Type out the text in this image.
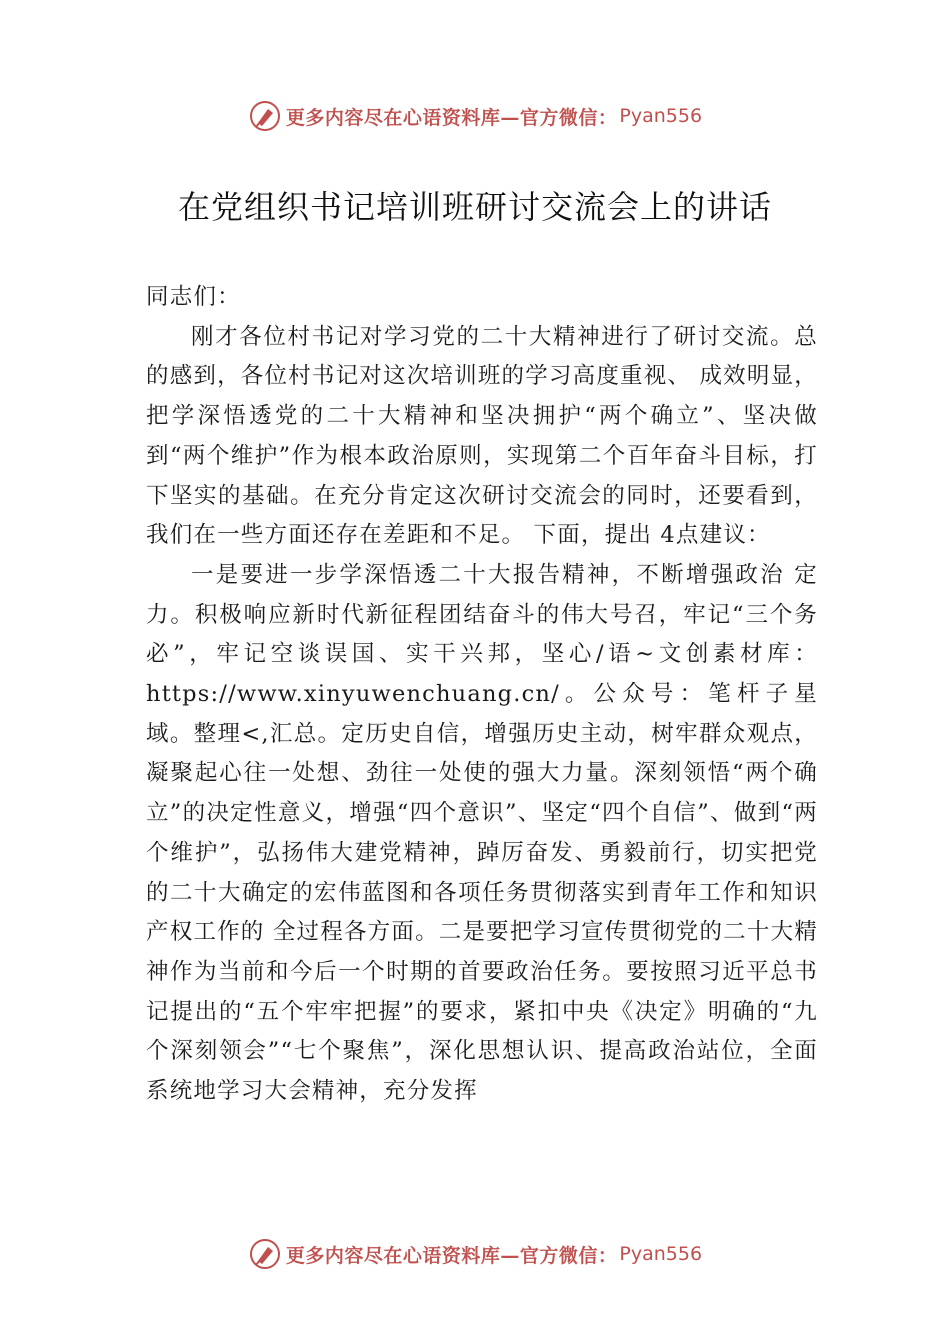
更多内容尽在心语资料库—官方微信： Pyan556
在党组织书记培训班研讨交流会上的讲话

同志们：

刚才各位村书记对学习党的二十大精神进行了研讨交流。总的感到，各位村书记对这次培训班的学习高度重视、 成效明显，把学深悟透党的二十大精神和坚决拥护“两个确立”、坚决做到“两个维护”作为根本政治原则，实现第二个百年奋斗目标，打下坚实的基础。在充分肯定这次研讨交流会的同时，还要看到，我们在一些方面还存在差距和不足。 下面，提出 4点建议：

一是要进一步学深悟透二十大报告精神，不断增强政治 定力。积极响应新时代新征程团结奋斗的伟大号召，牢记“三个务必”，牢记空谈误国、实干兴邦，坚心/语~文创素材库：https://www.xinyuwenchuang.cn/。公众号：笔杆子星域。整理<,汇总。定历史自信，增强历史主动，树牢群众观点，凝聚起心往一处想、劲往一处使的强大力量。深刻领悟“两个确立”的决定性意义，增强“四个意识”、坚定“四个自信”、做到“两个维护”，弘扬伟大建党精神，踔厉奋发、勇毅前行，切实把党的二十大确定的宏伟蓝图和各项任务贯彻落实到青年工作和知识产权工作的 全过程各方面。二是要把学习宣传贯彻党的二十大精神作为当前和今后一个时期的首要政治任务。要按照习近平总书记提出的“五个牢牢把握”的要求，紧扣中央《决定》明确的“九个深刻领会”“七个聚焦”，深化思想认识、提高政治站位，全面系统地学习大会精神，充分发挥

更多内容尽在心语资料库—官方微信： Pyan556
